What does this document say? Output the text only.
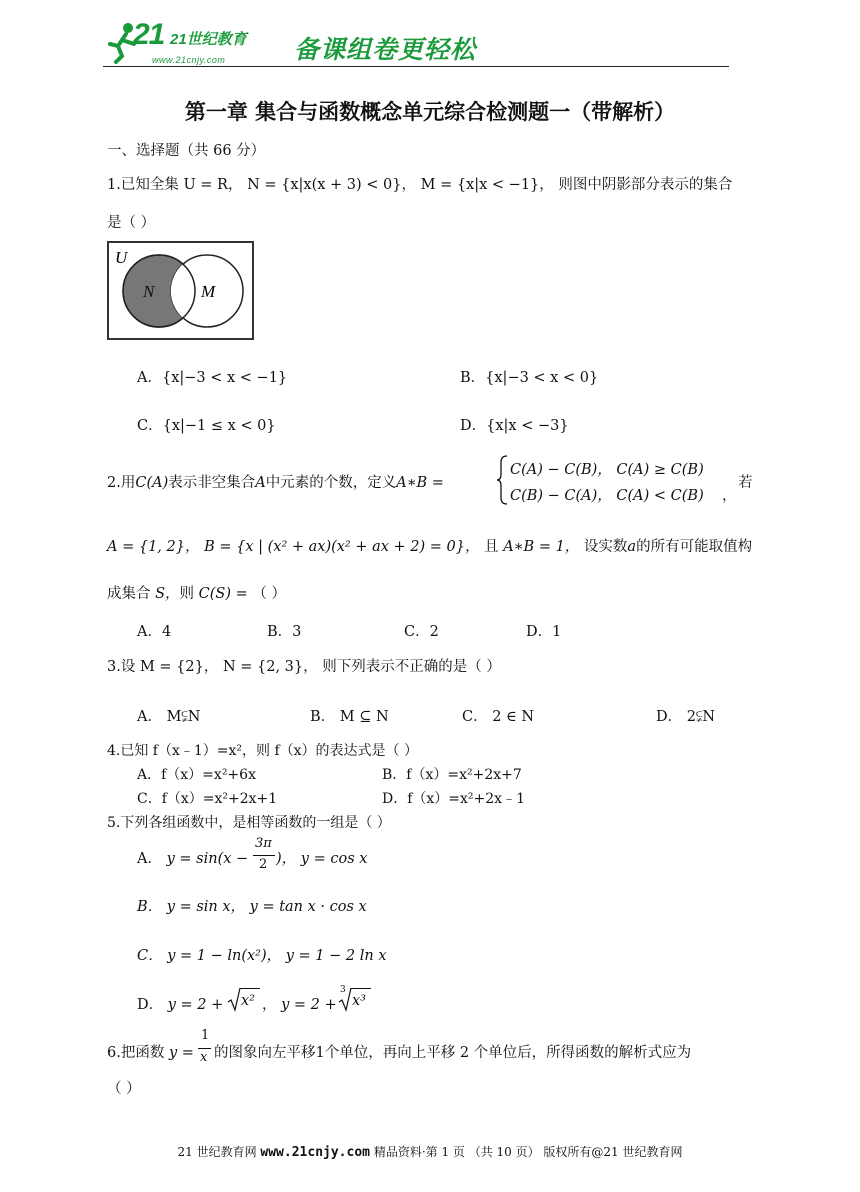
21 21世纪教育
www.21cnjy.com	备课组卷更轻松
第一章 集合与函数概念单元综合检测题一（带解析）
一、选择题（共 66 分）
1.已知全集 U = R， N = {x|x(x + 3) < 0}， M = {x|x < −1}， 则图中阴影部分表示的集合
是（ ）
U
N	M
A．{x|−3 < x < −1}	B．{x|−3 < x < 0}
C．{x|−1 ≤ x < 0}	D．{x|x < −3}
2.用C(A)表示非空集合A中元素的个数，定义A∗B =
C(A) − C(B)， C(A) ≥ C(B)
C(B) − C(A)， C(A) < C(B)
若
，
A = {1, 2}， B = {x | (x² + ax)(x² + ax + 2) = 0}， 且 A∗B = 1， 设实数a的所有可能取值构
成集合 S，则 C(S) = （ ）
A．4	B．3	C．2	D．1
3.设 M = {2}， N = {2, 3}， 则下列表示不正确的是（ ）
A． M⫋N	B． M ⊆ N	C． 2 ∈ N	D． 2⫋N
4.已知 f（x﹣1）=x²，则 f（x）的表达式是（ ）
A．f（x）=x²+6x	B．f（x）=x²+2x+7
C．f（x）=x²+2x+1	D．f（x）=x²+2x﹣1
5.下列各组函数中，是相等函数的一组是（ ）
A． y = sin(x −
3π
2 )， y = cos x
B． y = sin x， y = tan x · cos x
C． y = 1 − ln(x²)， y = 1 − 2 ln x
D． y = 2 + x² ， y = 2 +
3
x³
6.把函数 y =
1
x 的图象向左平移1个单位，再向上平移 2 个单位后，所得函数的解析式应为
（ ）
21 世纪教育网 www.21cnjy.com 精品资料·第 1 页 （共 10 页） 版权所有@21 世纪教育网
